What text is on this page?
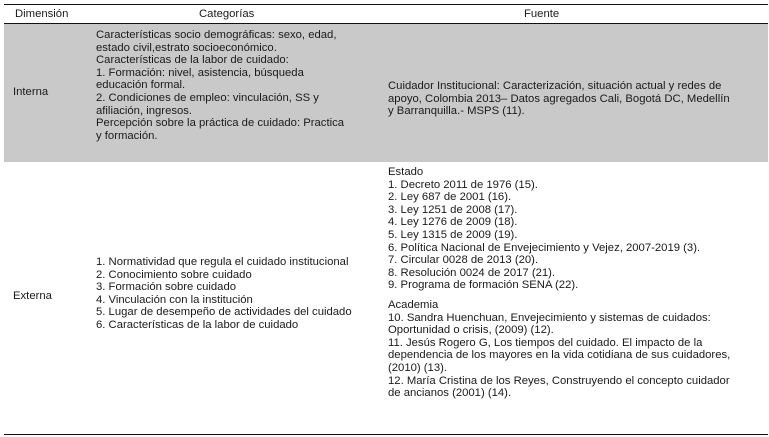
Dimensión	Categorías	Fuente
Interna
Características socio demográficas: sexo, edad,
estado civil,estrato socioeconómico.
Características de la labor de cuidado:
1. Formación: nivel, asistencia, búsqueda
educación formal.
2. Condiciones de empleo: vinculación, SS y
afiliación, ingresos.
Percepción sobre la práctica de cuidado: Practica
y formación.
Cuidador Institucional: Caracterización, situación actual y redes de
apoyo, Colombia 2013– Datos agregados Cali, Bogotá DC, Medellín
y Barranquilla.- MSPS (11).
Externa
1. Normatividad que regula el cuidado institucional
2. Conocimiento sobre cuidado
3. Formación sobre cuidado
4. Vinculación con la institución
5. Lugar de desempeño de actividades del cuidado
6. Características de la labor de cuidado
Estado
1. Decreto 2011 de 1976 (15).
2. Ley 687 de 2001 (16).
3. Ley 1251 de 2008 (17).
4. Ley 1276 de 2009 (18).
5. Ley 1315 de 2009 (19).
6. Política Nacional de Envejecimiento y Vejez, 2007-2019 (3).
7. Circular 0028 de 2013 (20).
8. Resolución 0024 de 2017 (21).
9. Programa de formación SENA (22).
Academia
10. Sandra Huenchuan, Envejecimiento y sistemas de cuidados:
Oportunidad o crisis, (2009) (12).
11. Jesús Rogero G, Los tiempos del cuidado. El impacto de la
dependencia de los mayores en la vida cotidiana de sus cuidadores,
(2010) (13).
12. María Cristina de los Reyes, Construyendo el concepto cuidador
de ancianos (2001) (14).
